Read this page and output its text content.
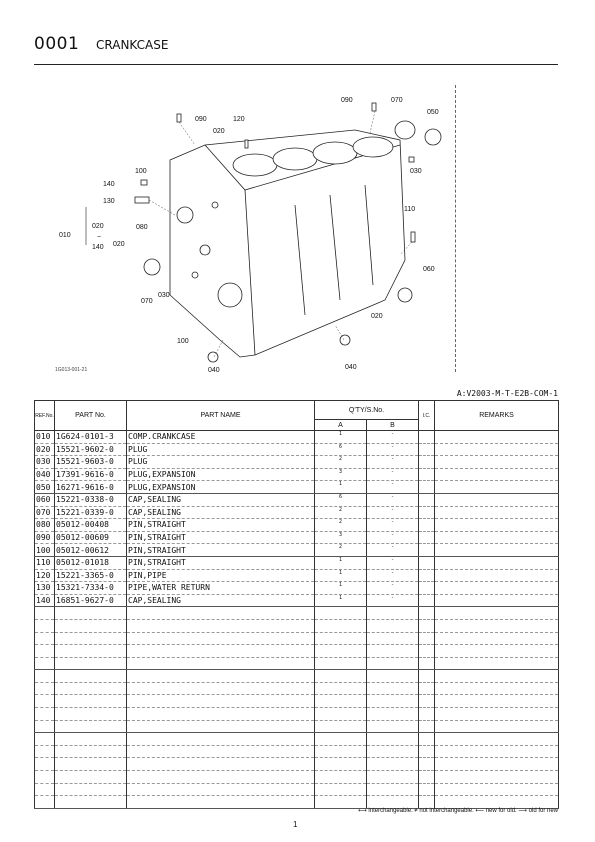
0001 CRANKCASE
090	120
020
100
140
130
010
020
140 020
080
070
030
100
040
090	070
050
030
110
060
020
040
~
1G013-001-21
A:V2003-M-T-E2B-COM-1
REF.No.	PART No.	PART NAME	Q'TY/S.No.		I.C.	REMARKS
			A	B		
010	1G624-0101-3	COMP.CRANKCASE	1	-		
020	15521-9602-0	PLUG	6	-		
030	15521-9603-0	PLUG	2	-		
040	17391-9616-0	PLUG,EXPANSION	3	-		
050	16271-9616-0	PLUG,EXPANSION	1	-		
060	15221-0338-0	CAP,SEALING	6	-		
070	15221-0339-0	CAP,SEALING	2	-		
080	05012-00408	PIN,STRAIGHT	2	-		
090	05012-00609	PIN,STRAIGHT	3	-		
100	05012-00612	PIN,STRAIGHT	2	-		
110	05012-01018	PIN,STRAIGHT	1	-		
120	15221-3365-0	PIN,PIPE	1	-		
130	15321-7334-0	PIPE,WATER RETURN	1	-		
140	16851-9627-0	CAP,SEALING	1	-		

⟷ interchangeable. ≠ not interchangeable. ⟵ new for old. ⟶ old for new
1
